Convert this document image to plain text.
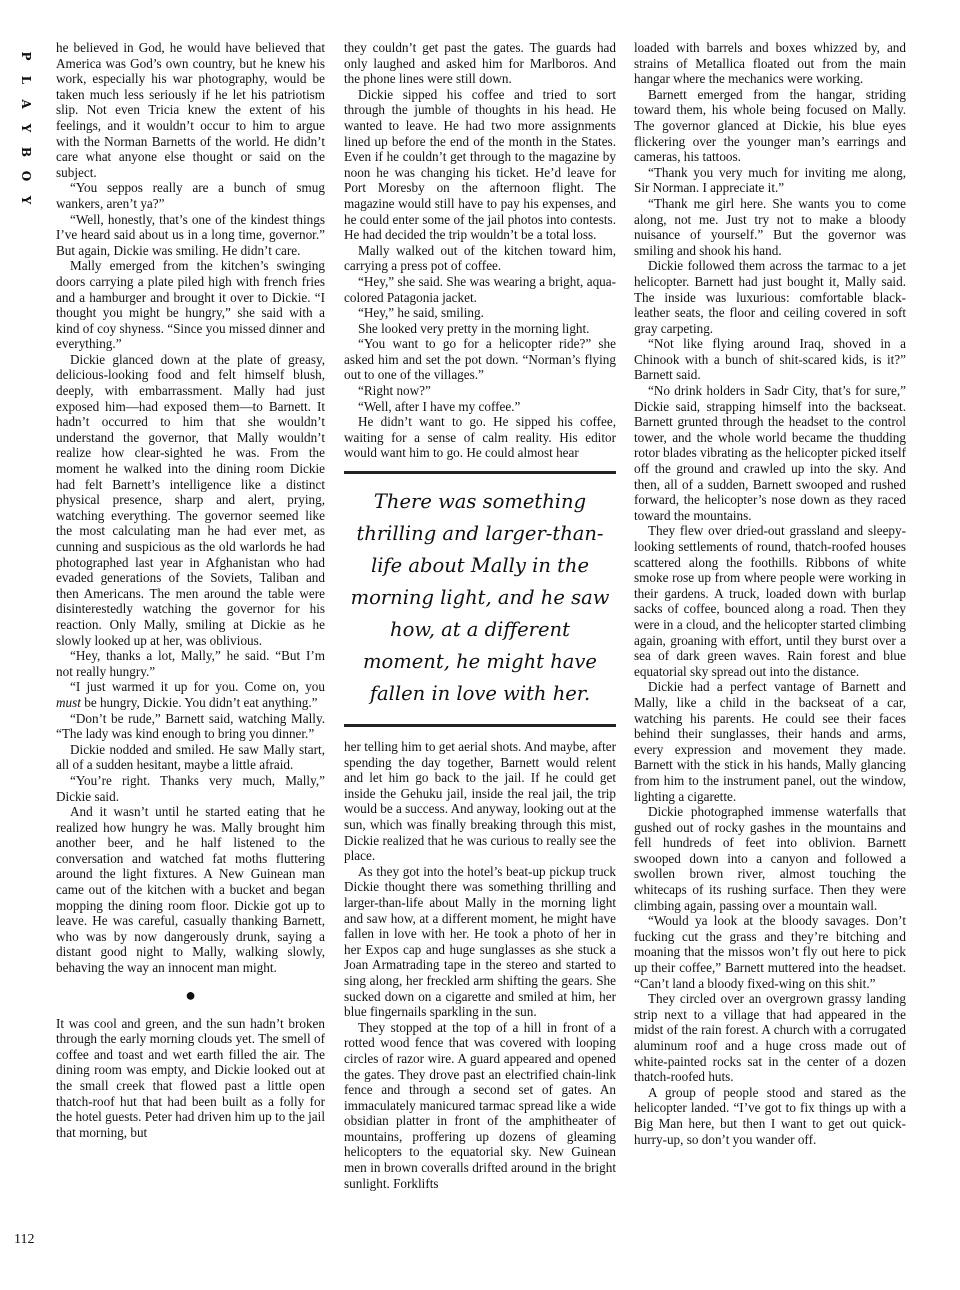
P
L
A
Y
B
O
Y
112

he believed in God, he would have believed that America was God’s own country, but he knew his work, especially his war photography, would be taken much less seriously if he let his patriotism slip. Not even Tricia knew the extent of his feelings, and it wouldn’t occur to him to argue with the Norman Barnetts of the world. He didn’t care what anyone else thought or said on the subject.

“You seppos really are a bunch of smug wankers, aren’t ya?”

“Well, honestly, that’s one of the kindest things I’ve heard said about us in a long time, governor.” But again, Dickie was smiling. He didn’t care.

Mally emerged from the kitchen’s swinging doors carrying a plate piled high with french fries and a hamburger and brought it over to Dickie. “I thought you might be hungry,” she said with a kind of coy shyness. “Since you missed dinner and everything.”

Dickie glanced down at the plate of greasy, delicious-looking food and felt himself blush, deeply, with embarrassment. Mally had just exposed him—had exposed them—to Barnett. It hadn’t occurred to him that she wouldn’t understand the governor, that Mally wouldn’t realize how clear-sighted he was. From the moment he walked into the dining room Dickie had felt Barnett’s intelligence like a distinct physical presence, sharp and alert, prying, watching everything. The governor seemed like the most calculating man he had ever met, as cunning and suspicious as the old warlords he had photographed last year in Afghanistan who had evaded generations of the Soviets, Taliban and then Americans. The men around the table were disinterestedly watching the governor for his reaction. Only Mally, smiling at Dickie as he slowly looked up at her, was oblivious.

“Hey, thanks a lot, Mally,” he said. “But I’m not really hungry.”

“I just warmed it up for you. Come on, you must be hungry, Dickie. You didn’t eat anything.”

“Don’t be rude,” Barnett said, watching Mally. “The lady was kind enough to bring you dinner.”

Dickie nodded and smiled. He saw Mally start, all of a sudden hesitant, maybe a little afraid.

“You’re right. Thanks very much, Mally,” Dickie said.

And it wasn’t until he started eating that he realized how hungry he was. Mally brought him another beer, and he half listened to the conversation and watched fat moths fluttering around the light fixtures. A New Guinean man came out of the kitchen with a bucket and began mopping the dining room floor. Dickie got up to leave. He was careful, casually thanking Barnett, who was by now dangerously drunk, saying a distant good night to Mally, walking slowly, behaving the way an innocent man might.

●

It was cool and green, and the sun hadn’t broken through the early morning clouds yet. The smell of coffee and toast and wet earth filled the air. The dining room was empty, and Dickie looked out at the small creek that flowed past a little open thatch-roof hut that had been built as a folly for the hotel guests. Peter had driven him up to the jail that morning, but

they couldn’t get past the gates. The guards had only laughed and asked him for Marlboros. And the phone lines were still down.

Dickie sipped his coffee and tried to sort through the jumble of thoughts in his head. He wanted to leave. He had two more assignments lined up before the end of the month in the States. Even if he couldn’t get through to the magazine by noon he was changing his ticket. He’d leave for Port Moresby on the afternoon flight. The magazine would still have to pay his expenses, and he could enter some of the jail photos into contests. He had decided the trip wouldn’t be a total loss.

Mally walked out of the kitchen toward him, carrying a press pot of coffee.

“Hey,” she said. She was wearing a bright, aqua-colored Patagonia jacket.

“Hey,” he said, smiling.

She looked very pretty in the morning light.

“You want to go for a helicopter ride?” she asked him and set the pot down. “Norman’s flying out to one of the villages.”

“Right now?”

“Well, after I have my coffee.”

He didn’t want to go. He sipped his coffee, waiting for a sense of calm reality. His editor would want him to go. He could almost hear

There was something thrilling and larger-than-life about Mally in the morning light, and he saw how, at a different moment, he might have fallen in love with her.

her telling him to get aerial shots. And maybe, after spending the day together, Barnett would relent and let him go back to the jail. If he could get inside the Gehuku jail, inside the real jail, the trip would be a success. And anyway, looking out at the sun, which was finally breaking through this mist, Dickie realized that he was curious to really see the place.

As they got into the hotel’s beat-up pickup truck Dickie thought there was something thrilling and larger-than-life about Mally in the morning light and saw how, at a different moment, he might have fallen in love with her. He took a photo of her in her Expos cap and huge sunglasses as she stuck a Joan Armatrading tape in the stereo and started to sing along, her freckled arm shifting the gears. She sucked down on a cigarette and smiled at him, her blue fingernails sparkling in the sun.

They stopped at the top of a hill in front of a rotted wood fence that was covered with looping circles of razor wire. A guard appeared and opened the gates. They drove past an electrified chain-link fence and through a second set of gates. An immaculately manicured tarmac spread like a wide obsidian platter in front of the amphitheater of mountains, proffering up dozens of gleaming helicopters to the equatorial sky. New Guinean men in brown coveralls drifted around in the bright sunlight. Forklifts

loaded with barrels and boxes whizzed by, and strains of Metallica floated out from the main hangar where the mechanics were working.

Barnett emerged from the hangar, striding toward them, his whole being focused on Mally. The governor glanced at Dickie, his blue eyes flickering over the younger man’s earrings and cameras, his tattoos.

“Thank you very much for inviting me along, Sir Norman. I appreciate it.”

“Thank me girl here. She wants you to come along, not me. Just try not to make a bloody nuisance of yourself.” But the governor was smiling and shook his hand.

Dickie followed them across the tarmac to a jet helicopter. Barnett had just bought it, Mally said. The inside was luxurious: comfortable black-leather seats, the floor and ceiling covered in soft gray carpeting.

“Not like flying around Iraq, shoved in a Chinook with a bunch of shit-scared kids, is it?” Barnett said.

“No drink holders in Sadr City, that’s for sure,” Dickie said, strapping himself into the backseat. Barnett grunted through the headset to the control tower, and the whole world became the thudding rotor blades vibrating as the helicopter picked itself off the ground and crawled up into the sky. And then, all of a sudden, Barnett swooped and rushed forward, the helicopter’s nose down as they raced toward the mountains.

They flew over dried-out grassland and sleepy-looking settlements of round, thatch-roofed houses scattered along the foothills. Ribbons of white smoke rose up from where people were working in their gardens. A truck, loaded down with burlap sacks of coffee, bounced along a road. Then they were in a cloud, and the helicopter started climbing again, groaning with effort, until they burst over a sea of dark green waves. Rain forest and blue equatorial sky spread out into the distance.

Dickie had a perfect vantage of Barnett and Mally, like a child in the backseat of a car, watching his parents. He could see their faces behind their sunglasses, their hands and arms, every expression and movement they made. Barnett with the stick in his hands, Mally glancing from him to the instrument panel, out the window, lighting a cigarette.

Dickie photographed immense waterfalls that gushed out of rocky gashes in the mountains and fell hundreds of feet into oblivion. Barnett swooped down into a canyon and followed a swollen brown river, almost touching the whitecaps of its rushing surface. Then they were climbing again, passing over a mountain wall.

“Would ya look at the bloody savages. Don’t fucking cut the grass and they’re bitching and moaning that the missos won’t fly out here to pick up their coffee,” Barnett muttered into the headset. “Can’t land a bloody fixed-wing on this shit.”

They circled over an overgrown grassy landing strip next to a village that had appeared in the midst of the rain forest. A church with a corrugated aluminum roof and a huge cross made out of white-painted rocks sat in the center of a dozen thatch-roofed huts.

A group of people stood and stared as the helicopter landed. “I’ve got to fix things up with a Big Man here, but then I want to get out quick-hurry-up, so don’t you wander off.
